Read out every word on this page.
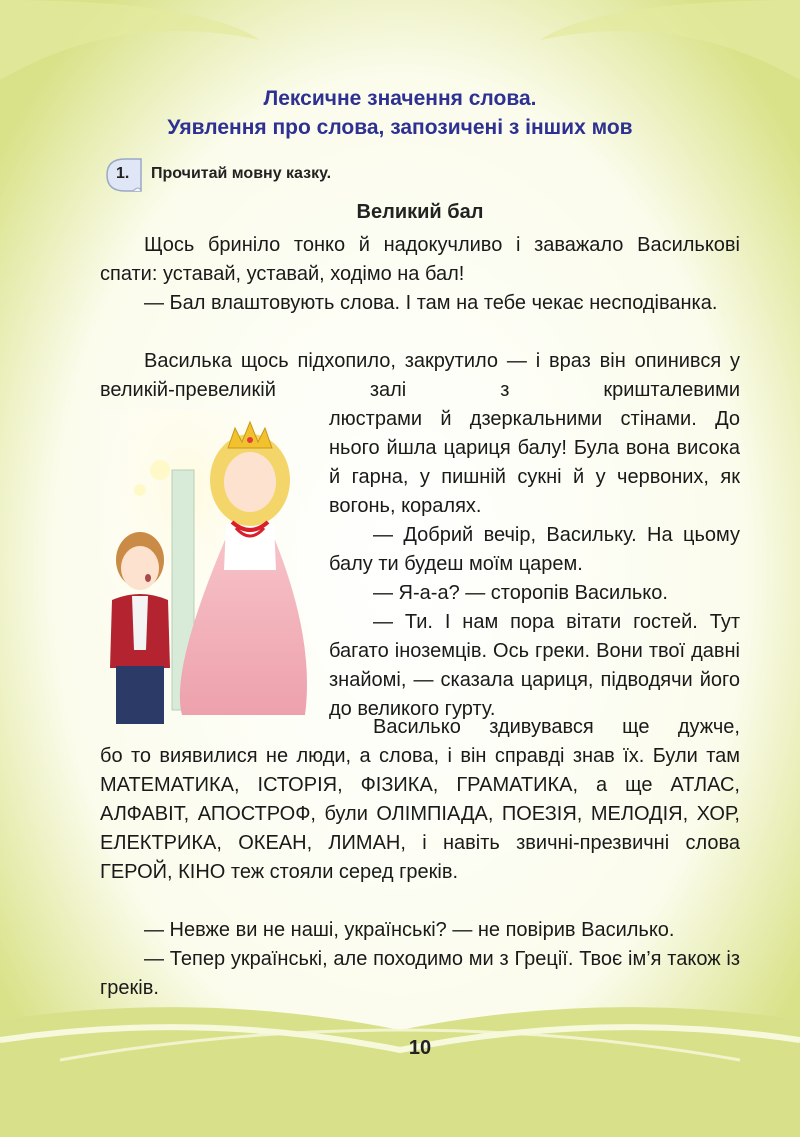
Лексичне значення слова.
Уявлення про слова, запозичені з інших мов
1. Прочитай мовну казку.
Великий бал

Щось бриніло тонко й надокучливо і заважало Васильковi спати: уставай, уставай, ходімо на бал!

— Бал влаштовують слова. І там на тебе чекає несподіванка.

Василька щось підхопило, закрутило — і враз він опинився у великій-превеликій залі з кришталевими

люстрами й дзеркальними стінами. До нього йшла цариця балу! Була вона висока й гарна, у пишній сукні й у червоних, як вогонь, коралях.

— Добрий вечір, Васильку. На цьому балу ти будеш моїм царем.

— Я-а-а? — сторопів Василько.

— Ти. І нам пора вітати гостей. Тут багато іноземців. Ось греки. Вони твої давні знайомі, — сказала цариця, підводячи його до великого гурту.

Василько здивувався ще дужче,

бо то виявилися не люди, а слова, і він справді знав їх. Були там МАТЕМАТИКА, ІСТОРІЯ, ФІЗИКА, ГРАМАТИКА, а ще АТЛАС, АЛФАВІТ, АПОСТРОФ, були ОЛІМПІАДА, ПОЕЗІЯ, МЕЛОДІЯ, ХОР, ЕЛЕКТРИКА, ОКЕАН, ЛИМАН, і навіть звичні-презвичні слова ГЕРОЙ, КІНО теж стояли серед греків.

— Невже ви не наші, українські? — не повірив Василько.

— Тепер українські, але походимо ми з Греції. Твоє ім’я також із греків.

10
